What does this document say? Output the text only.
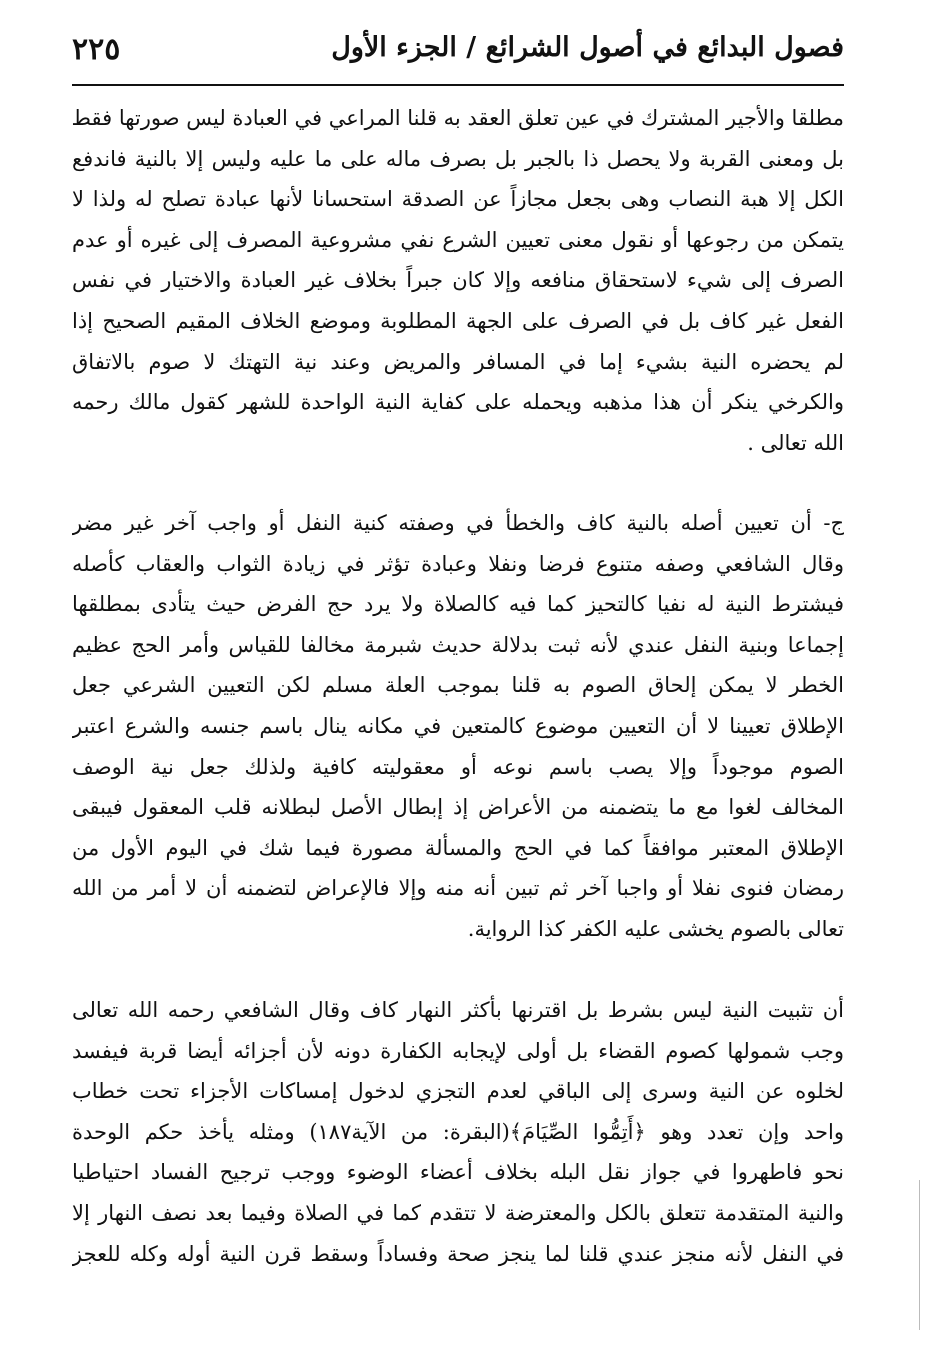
فصول البدائع في أصول الشرائع / الجزء الأول
٢٢٥
مطلقا والأجير المشترك في عين تعلق العقد به قلنا المراعي في العبادة ليس صورتها فقط
بل ومعنى القربة ولا يحصل ذا بالجبر بل بصرف ماله على ما عليه وليس إلا بالنية فاندفع
الكل إلا هبة النصاب وهى بجعل مجازاً عن الصدقة استحسانا لأنها عبادة تصلح له ولذا لا
يتمكن من رجوعها أو نقول معنى تعيين الشرع نفي مشروعية المصرف إلى غيره أو عدم
الصرف إلى شيء لاستحقاق منافعه وإلا كان جبراً بخلاف غير العبادة والاختيار في نفس
الفعل غير كاف بل في الصرف على الجهة المطلوبة وموضع الخلاف المقيم الصحيح إذا
لم يحضره النية بشيء إما في المسافر والمريض وعند نية التهتك لا صوم بالاتفاق
والكرخي ينكر أن هذا مذهبه ويحمله على كفاية النية الواحدة للشهر كقول مالك رحمه
الله تعالى .
ج- أن تعيين أصله بالنية كاف والخطأ في وصفته كنية النفل أو واجب آخر غير مضر
وقال الشافعي وصفه متنوع فرضا ونفلا وعبادة تؤثر في زيادة الثواب والعقاب كأصله
فيشترط النية له نفيا كالتحيز كما فيه كالصلاة ولا يرد حج الفرض حيث يتأدى بمطلقها
إجماعا وبنية النفل عندي لأنه ثبت بدلالة حديث شبرمة مخالفا للقياس وأمر الحج عظيم
الخطر لا يمكن إلحاق الصوم به قلنا بموجب العلة مسلم لكن التعيين الشرعي جعل
الإطلاق تعيينا لا أن التعيين موضوع كالمتعين في مكانه ينال باسم جنسه والشرع اعتبر
الصوم موجوداً وإلا يصب باسم نوعه أو معقوليته كافية ولذلك جعل نية الوصف
المخالف لغوا مع ما يتضمنه من الأعراض إذ إبطال الأصل لبطلانه قلب المعقول فيبقى
الإطلاق المعتبر موافقاً كما في الحج والمسألة مصورة فيما شك في اليوم الأول من
رمضان فنوى نفلا أو واجبا آخر ثم تبين أنه منه وإلا فالإعراض لتضمنه أن لا أمر من الله
تعالى بالصوم يخشى عليه الكفر كذا الرواية.
أن تثبيت النية ليس بشرط بل اقترنها بأكثر النهار كاف وقال الشافعي رحمه الله تعالى
وجب شمولها كصوم القضاء بل أولى لإيجابه الكفارة دونه لأن أجزائه أيضا قربة فيفسد
لخلوه عن النية وسرى إلى الباقي لعدم التجزي لدخول إمساكات الأجزاء تحت خطاب
واحد وإن تعدد وهو ﴿أَتِمُّوا الصِّيَامَ﴾(البقرة: من الآية١٨٧) ومثله يأخذ حكم الوحدة
نحو فاطهروا في جواز نقل البله بخلاف أعضاء الوضوء ووجب ترجيح الفساد احتياطيا
والنية المتقدمة تتعلق بالكل والمعترضة لا تتقدم كما في الصلاة وفيما بعد نصف النهار إلا
في النفل لأنه منجز عندي قلنا لما ينجز صحة وفساداً وسقط قرن النية أوله وكله للعجز
